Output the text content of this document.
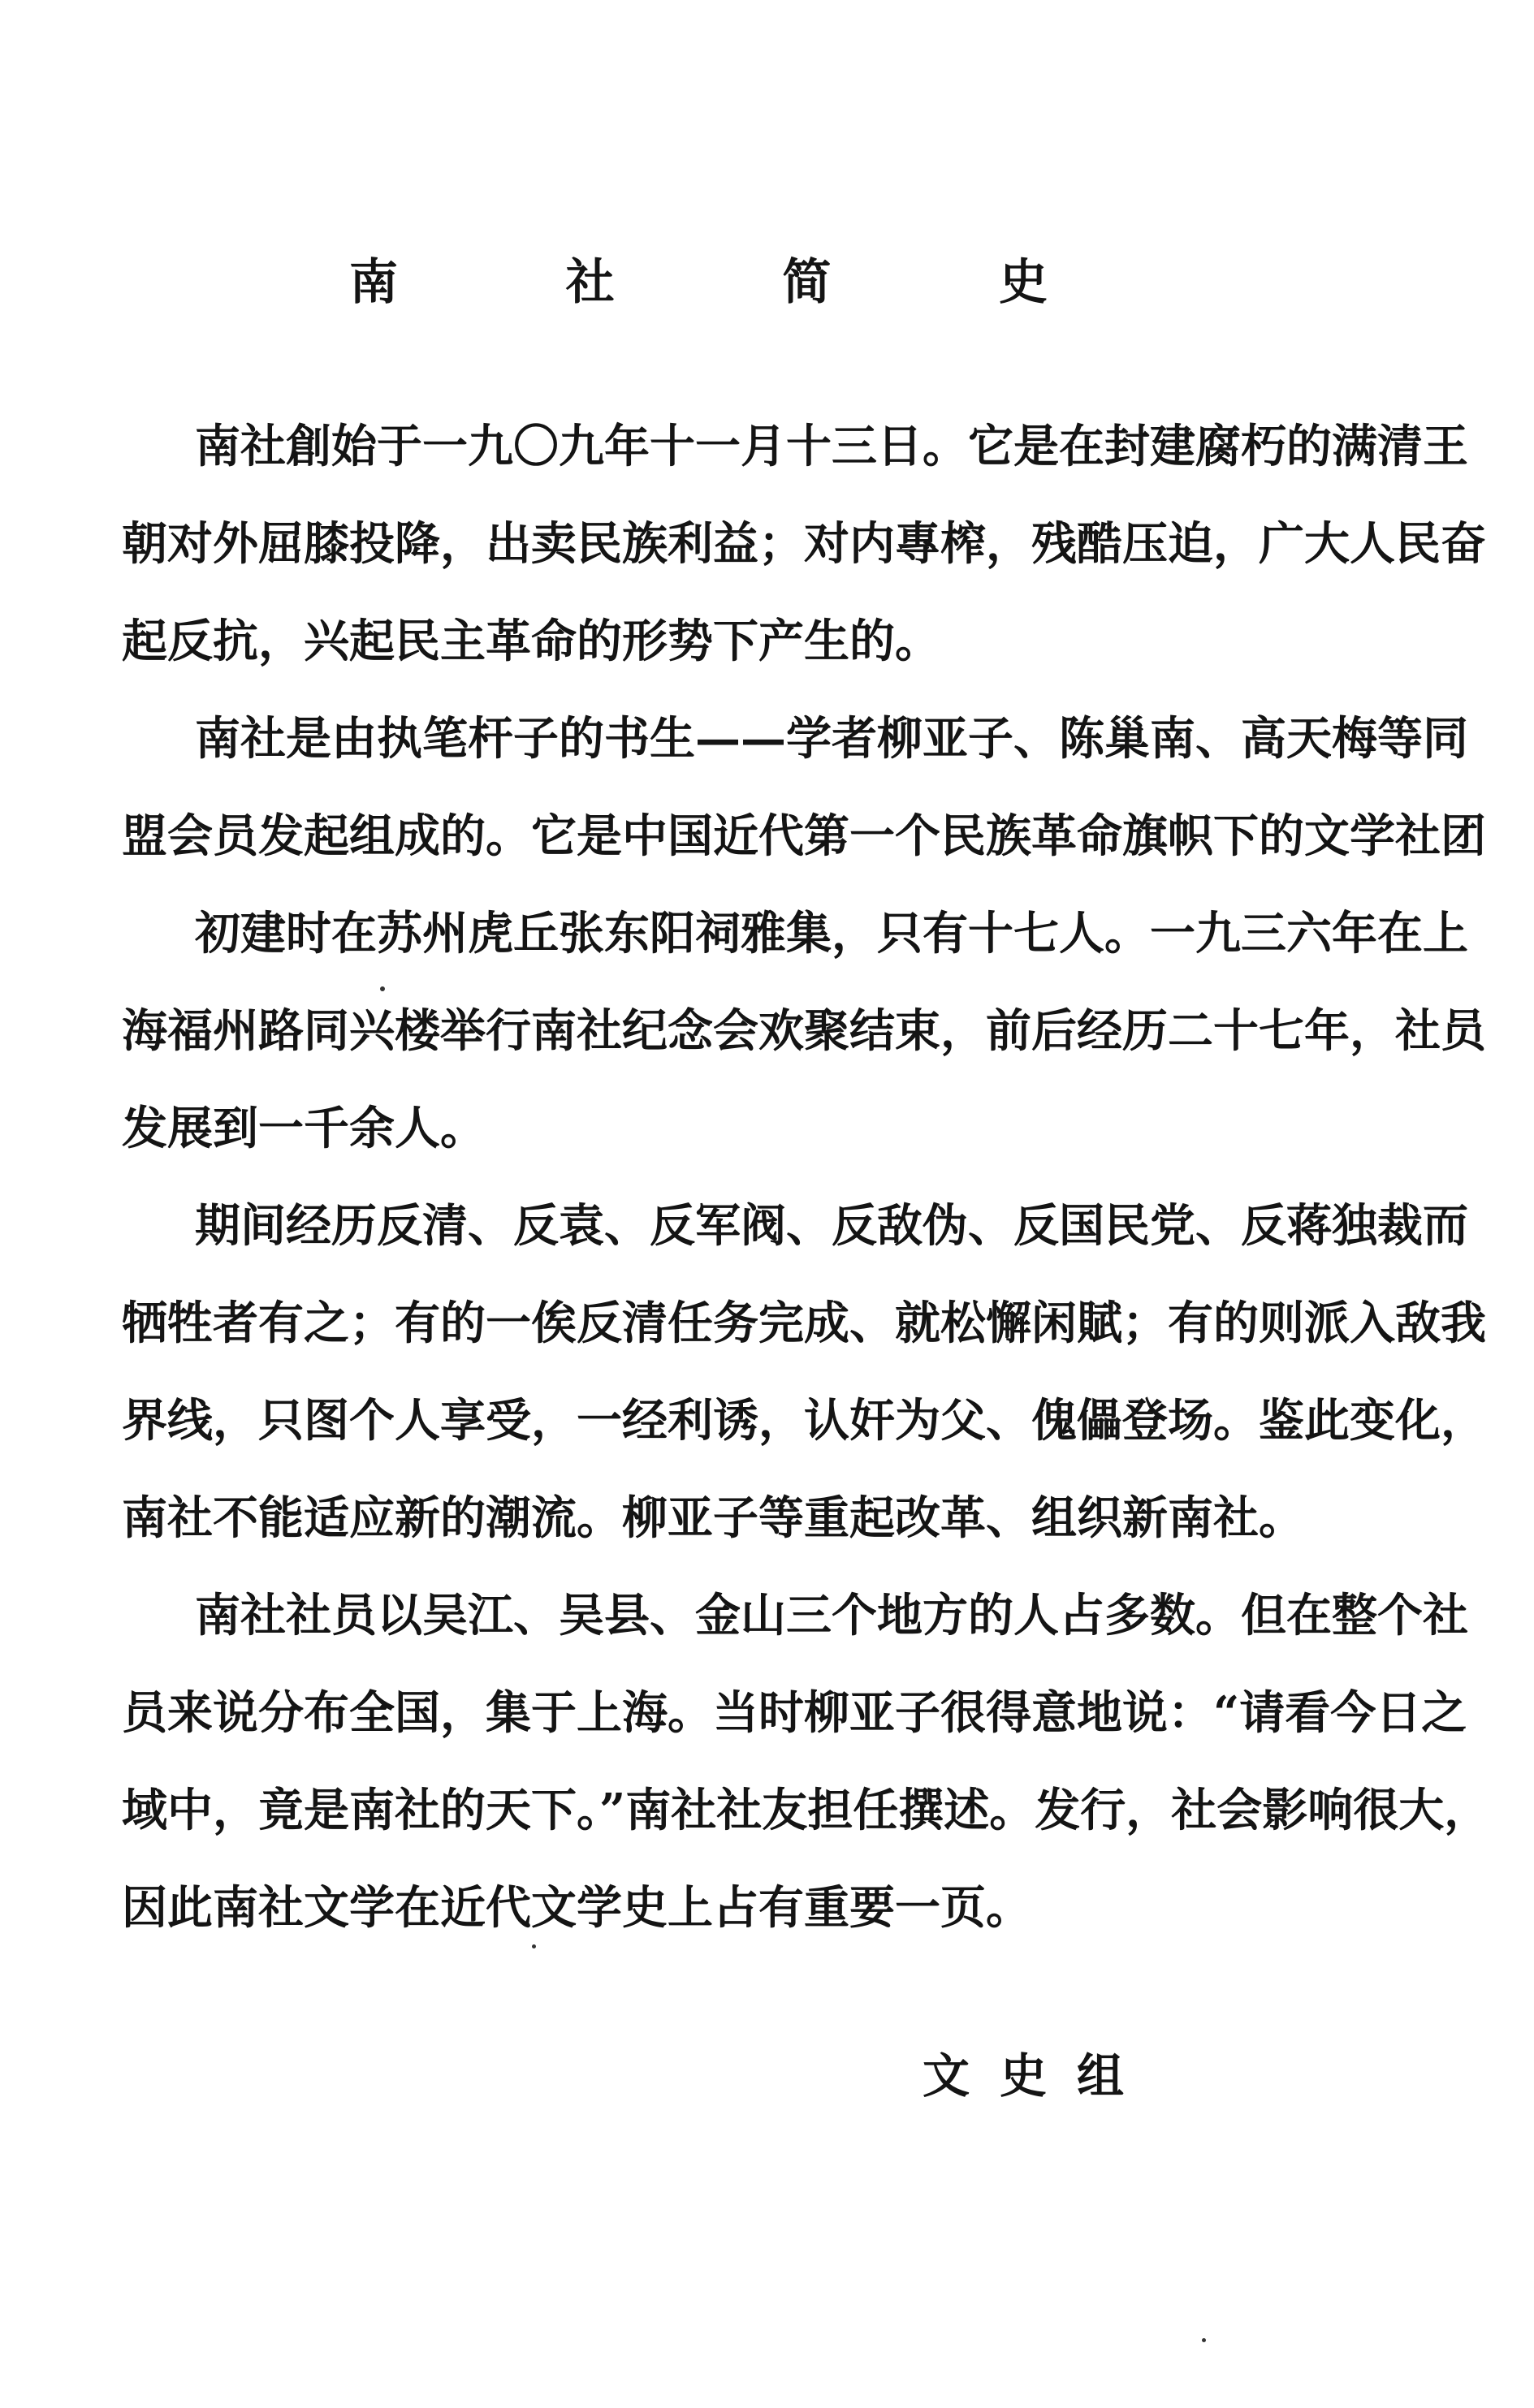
南	社	简	史
南社創始于一九〇九年十一月十三日。它是在封建腐朽的满清王
朝对外屈膝投降，出卖民族利益；对内專榨，残酷压迫，广大人民奋
起反抗，兴起民主革命的形势下产生的。
南社是由执笔杆子的书生——学者柳亚子、陈巢南、高天梅等同
盟会员发起组成的。它是中国近代第一个民族革命旗帜下的文学社团
初建时在苏州虎丘张东阳祠雅集，只有十七人。一九三六年在上
海福州路同兴楼举行南社纪念会欢聚结束，前后经历二十七年，社员
发展到一千余人。
期间经历反清、反袁、反军阀、反敌伪、反国民党、反蒋独裁而
牺牲者有之；有的一俟反清任务完成、就松懈闲賦；有的则派入敌我
界线，只图个人享受，一经利诱，认奸为父、傀儡登场。鉴此变化，
南社不能适应新的潮流。柳亚子等重起改革、组织新南社。
南社社员以吴江、吴县、金山三个地方的人占多数。但在整个社
员来说分布全国，集于上海。当时柳亚子很得意地说：“请看今日之
域中，竟是南社的天下。”南社社友担任撰述。发行，社会影响很大，
因此南社文学在近代文学史上占有重要一页。
文 史 组
